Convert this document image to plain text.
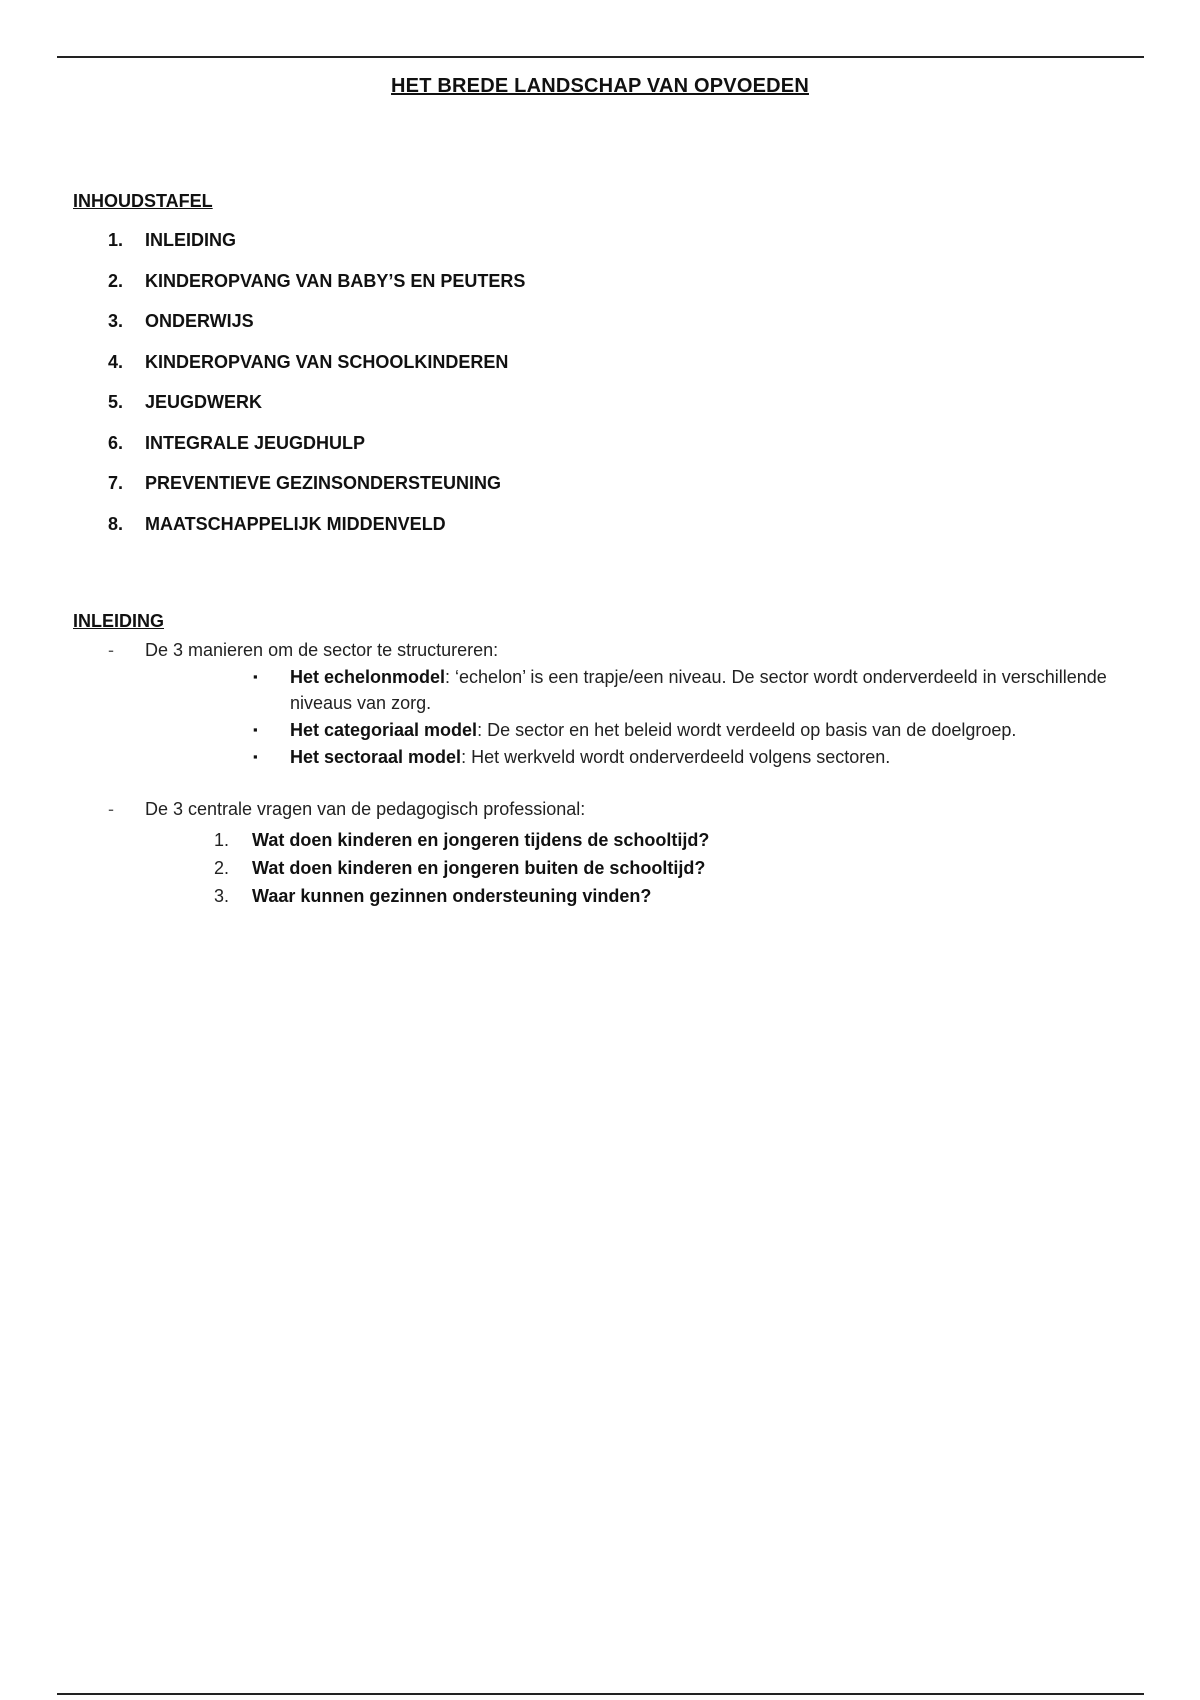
HET BREDE LANDSCHAP VAN OPVOEDEN
INHOUDSTAFEL
1.	INLEIDING
2.	KINDEROPVANG VAN BABY’S EN PEUTERS
3.	ONDERWIJS
4.	KINDEROPVANG VAN SCHOOLKINDEREN
5.	JEUGDWERK
6.	INTEGRALE JEUGDHULP
7.	PREVENTIEVE GEZINSONDERSTEUNING
8.	MAATSCHAPPELIJK MIDDENVELD
INLEIDING
-	De 3 manieren om de sector te structureren:
▪	Het echelonmodel: ‘echelon’ is een trapje/een niveau. De sector wordt onderverdeeld in verschillende niveaus van zorg.
▪	Het categoriaal model: De sector en het beleid wordt verdeeld op basis van de doelgroep.
▪	Het sectoraal model: Het werkveld wordt onderverdeeld volgens sectoren.
-	De 3 centrale vragen van de pedagogisch professional:
1.	Wat doen kinderen en jongeren tijdens de schooltijd?
2.	Wat doen kinderen en jongeren buiten de schooltijd?
3.	Waar kunnen gezinnen ondersteuning vinden?
